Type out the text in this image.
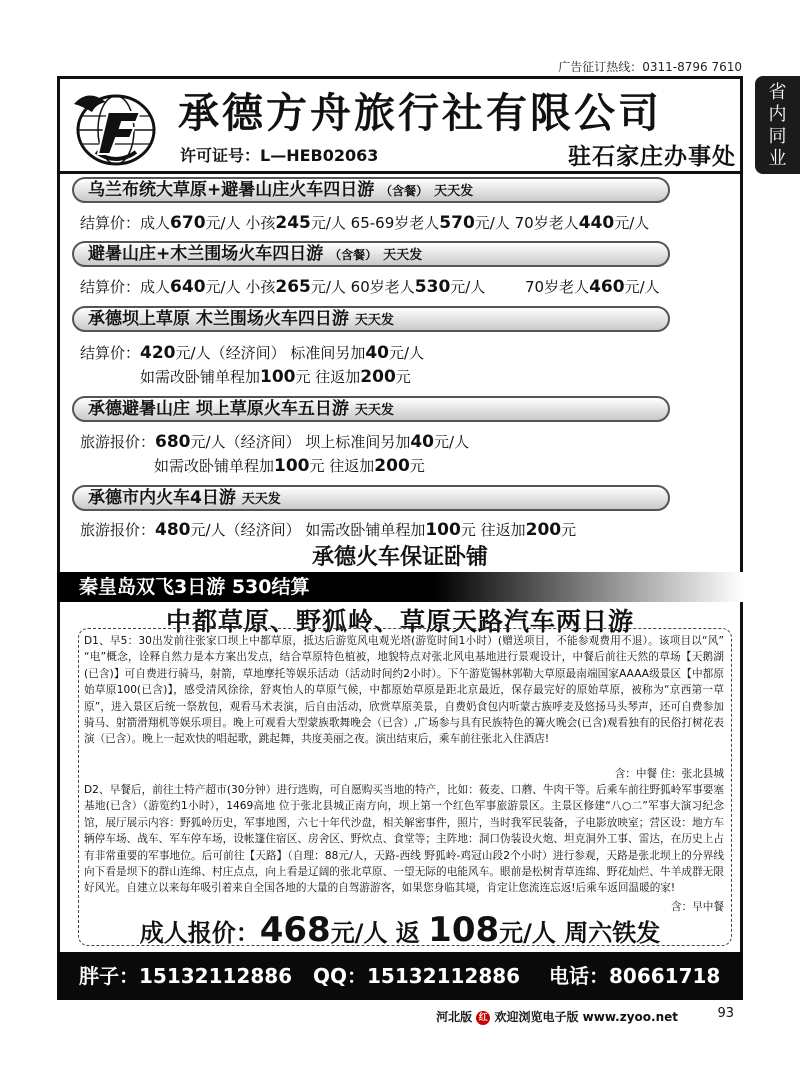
广告征订热线：0311-8796 7610
省
内
同
业
承德方舟旅行社有限公司
许可证号：L—HEB02063	驻石家庄办事处
乌兰布统大草原+避暑山庄火车四日游 （含餐） 天天发
结算价：成人670元/人 小孩245元/人 65-69岁老人570元/人 70岁老人440元/人
避暑山庄+木兰围场火车四日游 （含餐） 天天发
结算价：成人640元/人 小孩265元/人 60岁老人530元/人	70岁老人460元/人
承德坝上草原 木兰围场火车四日游 天天发
结算价：420元/人（经济间） 标准间另加40元/人
如需改卧铺单程加100元 往返加200元
承德避暑山庄 坝上草原火车五日游 天天发
旅游报价：680元/人（经济间） 坝上标准间另加40元/人
如需改卧铺单程加100元 往返加200元
承德市内火车4日游 天天发
旅游报价：480元/人（经济间） 如需改卧铺单程加100元 往返加200元
承德火车保证卧铺
秦皇岛双飞3日游 530结算
中都草原、野狐岭、草原天路汽车两日游
D1、早5：30出发前往张家口坝上中都草原，抵达后游览风电观光塔(游览时间1小时）(赠送项目，不能参观费用不退）。该项目以“风” “电”概念，诠释自然力是本方案出发点，结合草原特色植被，地貌特点对张北风电基地进行景观设计，中餐后前往天然的草场【天鹅湖(已含)】可自费进行骑马，射箭，草地摩托等娱乐活动（活动时间约2小时）。下午游览锡林郭勒大草原最南端国家AAAA级景区【中都原始草原100(已含)】，感受清风徐徐，舒爽怡人的草原气候，中都原始草原是距北京最近，保存最完好的原始草原，被称为“京西第一草原”，进入景区后统一祭敖包，观看马术表演，后自由活动，欣赏草原美景，自费奶食包内听蒙古族呼麦及悠扬马头琴声，还可自费参加骑马、射箭滑翔机等娱乐项目。晚上可观看大型蒙族歌舞晚会（已含）,广场参与具有民族特色的篝火晚会(已含)观看独有的民俗打树花表演（已含）。晚上一起欢快的唱起歌，跳起舞，共度美丽之夜。演出结束后，乘车前往张北入住酒店!
含：中餐 住：张北县城
D2、早餐后，前往土特产超市(30分钟）进行选购，可自愿购买当地的特产，比如：莜麦、口蘑、牛肉干等。后乘车前往野狐岭军事要塞基地(已含）（游览约1小时），1469高地 位于张北县城正南方向，坝上第一个红色军事旅游景区。主景区修建“八○二”军事大演习纪念馆，展厅展示内容：野狐岭历史，军事地图，六七十年代沙盘，相关解密事件，照片，当时我军民装备，子电影放映室；营区设：地方车辆停车场、战车、军车停车场，设帐篷住宿区、房舍区、野炊点、食堂等；主阵地：洞口伪装设火炮、坦克洞外工事、雷达，在历史上占有非常重要的军事地位。后可前往【天路】（自理：88元/人，天路-西线 野狐岭-鸡冠山段2个小时）进行参观，天路是张北坝上的分界线向下看是坝下的群山连绵、村庄点点，向上看是辽阔的张北草原、一望无际的电能风车。眼前是松树青草连绵、野花灿烂、牛羊成群无限好风光。自建立以来每年吸引着来自全国各地的大量的自驾游游客，如果您身临其境，肯定让您流连忘返!后乘车返回温暖的家!
含：早中餐
成人报价：468元/人 返 108元/人 周六铁发
胖子：15132112886 QQ：15132112886 电话：80661718
河北版 红 欢迎浏览电子版 www.zyoo.net	93
